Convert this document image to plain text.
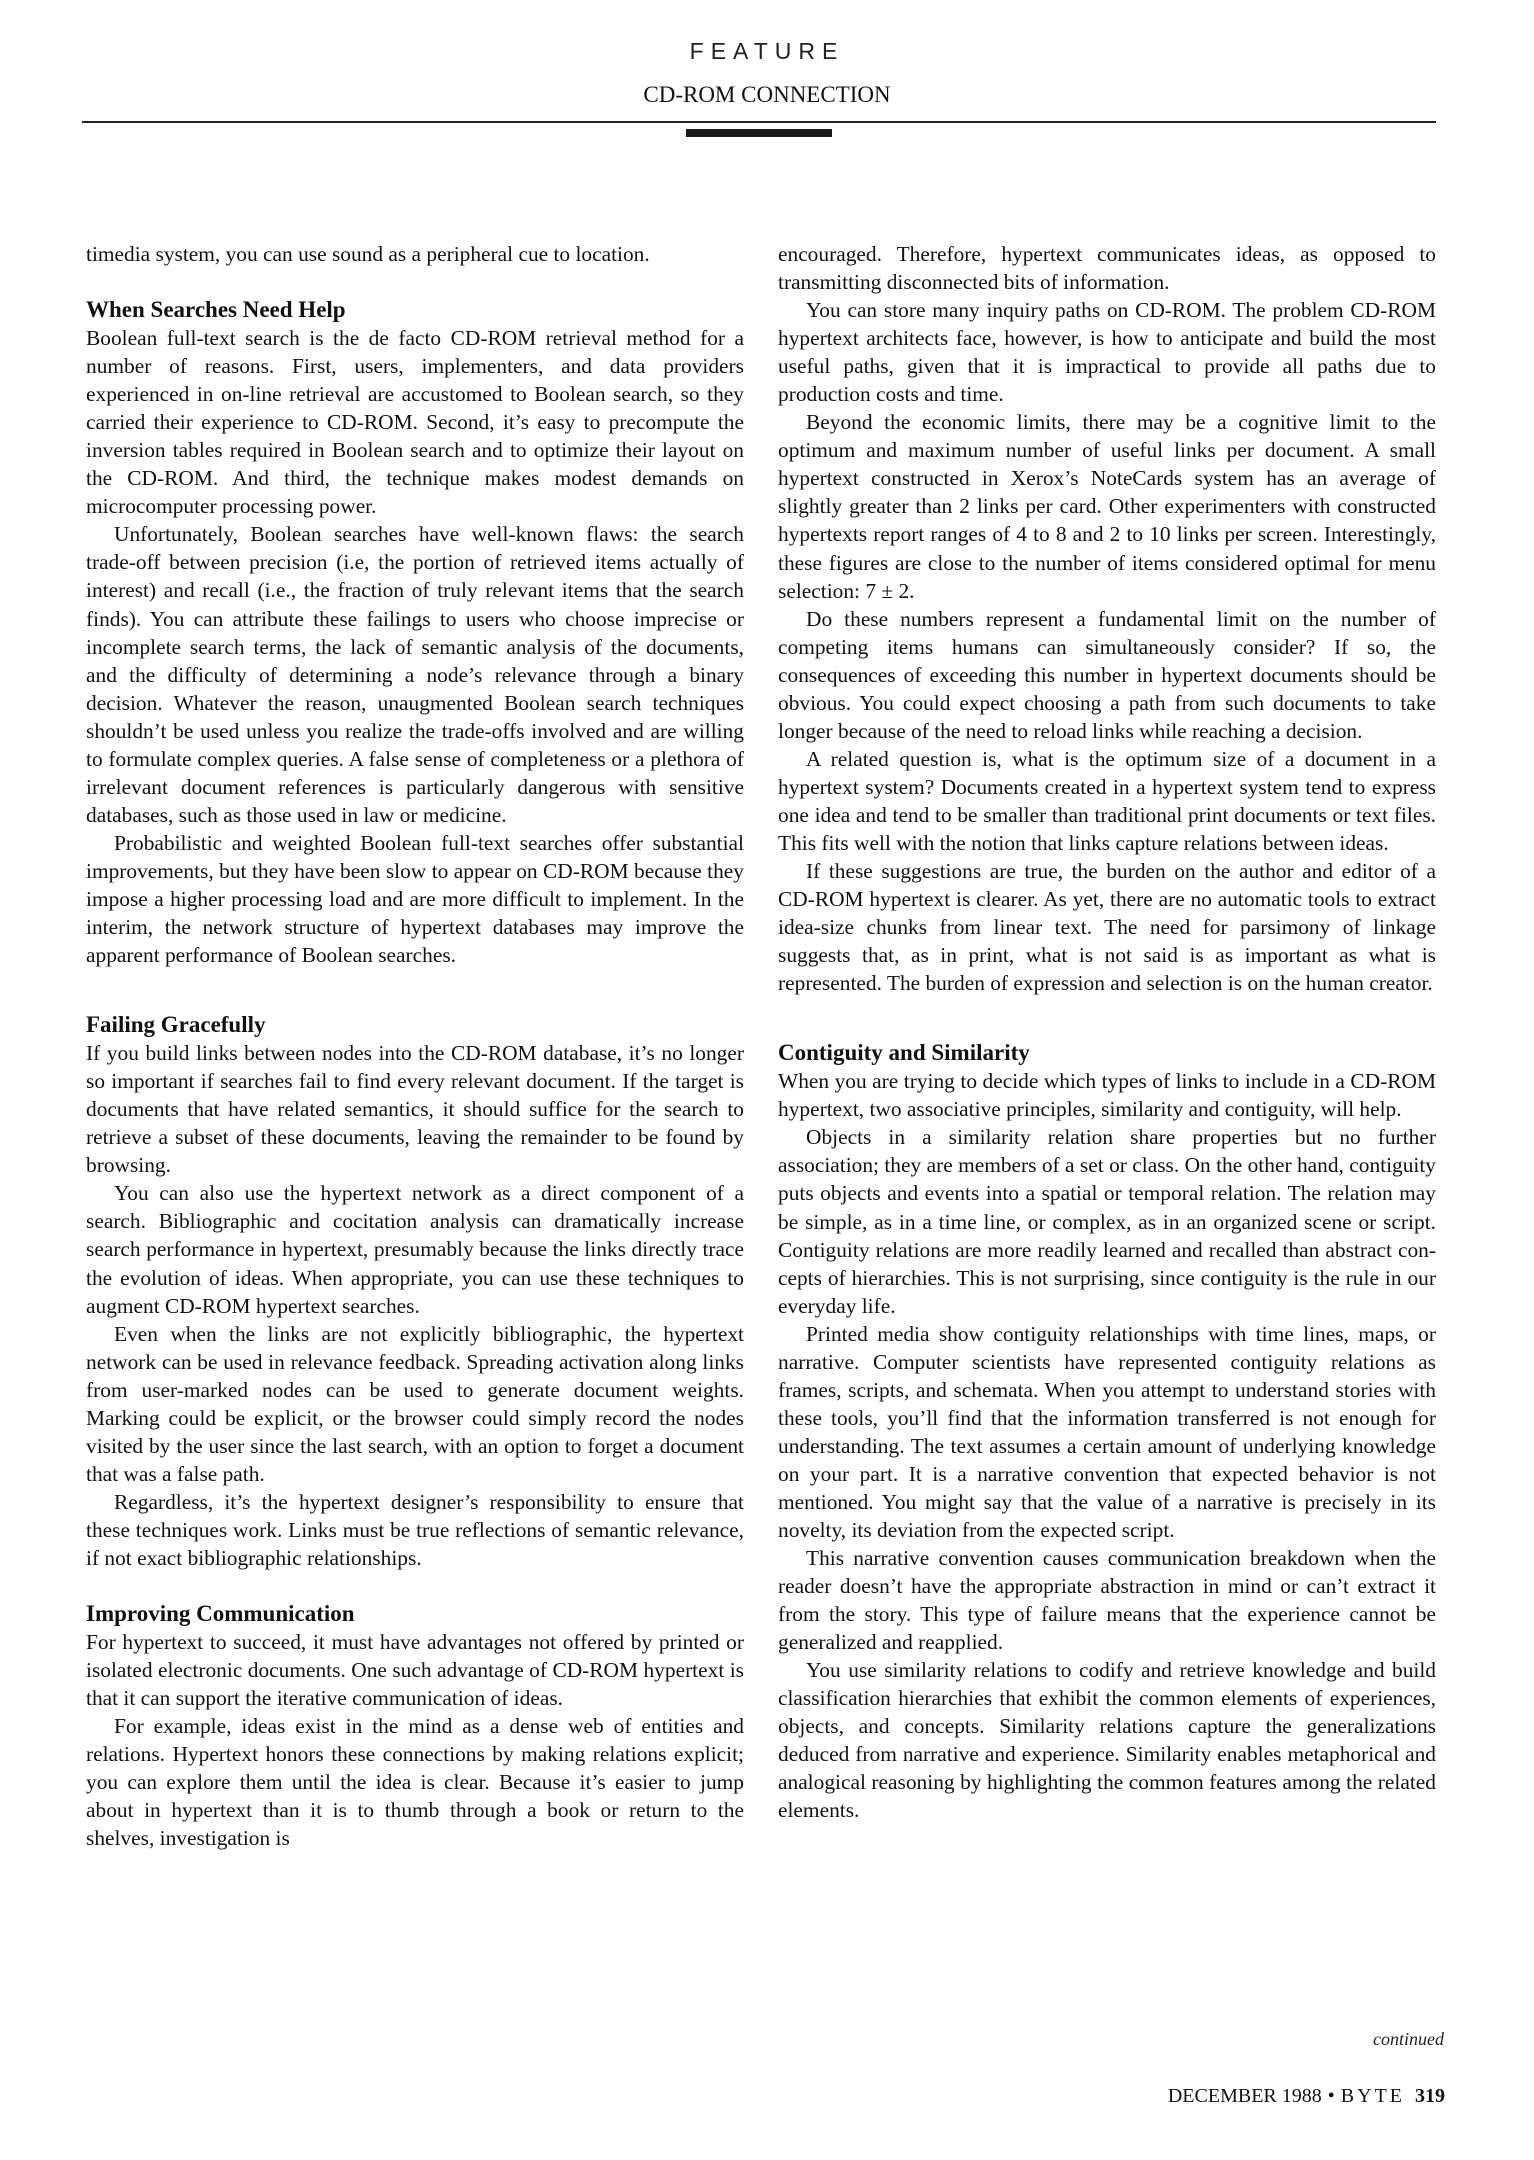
FEATURE
CD-ROM CONNECTION

timedia system, you can use sound as a peripheral cue to location.

When Searches Need Help

Boolean full-text search is the de facto CD-ROM retrieval method for a number of reasons. First, users, implementers, and data providers experienced in on-line retrieval are accustomed to Boolean search, so they carried their experience to CD-ROM. Second, it’s easy to precompute the inversion tables required in Boolean search and to optimize their layout on the CD-ROM. And third, the technique makes modest demands on microcomputer processing power.

Unfortunately, Boolean searches have well-known flaws: the search trade-off between precision (i.e, the portion of retrieved items actually of interest) and recall (i.e., the fraction of truly relevant items that the search finds). You can attribute these failings to users who choose imprecise or incomplete search terms, the lack of semantic analysis of the documents, and the difficulty of determining a node’s relevance through a binary decision. Whatever the reason, unaugmented Boolean search techniques shouldn’t be used unless you realize the trade-offs involved and are willing to formulate complex queries. A false sense of completeness or a plethora of irrelevant document references is particularly dangerous with sensitive databases, such as those used in law or medicine.

Probabilistic and weighted Boolean full-text searches offer substantial improvements, but they have been slow to appear on CD-ROM because they impose a higher processing load and are more difficult to implement. In the interim, the network structure of hypertext databases may improve the apparent performance of Boolean searches.

Failing Gracefully

If you build links between nodes into the CD-ROM database, it’s no longer so important if searches fail to find every relevant document. If the target is documents that have related semantics, it should suffice for the search to retrieve a subset of these documents, leaving the remainder to be found by browsing.

You can also use the hypertext network as a direct component of a search. Bibliographic and cocitation analysis can dramatically increase search performance in hypertext, presumably because the links directly trace the evolution of ideas. When appropriate, you can use these techniques to augment CD-ROM hypertext searches.

Even when the links are not explicitly bibliographic, the hypertext network can be used in relevance feedback. Spreading activation along links from user-marked nodes can be used to generate document weights. Marking could be explicit, or the browser could simply record the nodes visited by the user since the last search, with an option to forget a document that was a false path.

Regardless, it’s the hypertext designer’s responsibility to ensure that these techniques work. Links must be true reflections of semantic relevance, if not exact bibliographic relationships.

Improving Communication

For hypertext to succeed, it must have advantages not offered by printed or isolated electronic documents. One such advantage of CD-ROM hypertext is that it can support the iterative communication of ideas.

For example, ideas exist in the mind as a dense web of entities and relations. Hypertext honors these connections by making relations explicit; you can explore them until the idea is clear. Because it’s easier to jump about in hypertext than it is to thumb through a book or return to the shelves, investigation is

encouraged. Therefore, hypertext communicates ideas, as opposed to transmitting disconnected bits of information.

You can store many inquiry paths on CD-ROM. The problem CD-ROM hypertext architects face, however, is how to anticipate and build the most useful paths, given that it is impractical to provide all paths due to production costs and time.

Beyond the economic limits, there may be a cognitive limit to the optimum and maximum number of useful links per document. A small hypertext constructed in Xerox’s NoteCards system has an average of slightly greater than 2 links per card. Other experimenters with constructed hypertexts report ranges of 4 to 8 and 2 to 10 links per screen. Interestingly, these figures are close to the number of items considered optimal for menu selection: 7 ± 2.

Do these numbers represent a fundamental limit on the number of competing items humans can simultaneously consider? If so, the consequences of exceeding this number in hypertext documents should be obvious. You could expect choosing a path from such documents to take longer because of the need to reload links while reaching a decision.

A related question is, what is the optimum size of a document in a hypertext system? Documents created in a hypertext system tend to express one idea and tend to be smaller than traditional print documents or text files. This fits well with the notion that links capture relations between ideas.

If these suggestions are true, the burden on the author and editor of a CD-ROM hypertext is clearer. As yet, there are no automatic tools to extract idea-size chunks from linear text. The need for parsimony of linkage suggests that, as in print, what is not said is as important as what is represented. The burden of expression and selection is on the human creator.

Contiguity and Similarity

When you are trying to decide which types of links to include in a CD-ROM hypertext, two associative principles, similarity and contiguity, will help.

Objects in a similarity relation share properties but no further association; they are members of a set or class. On the other hand, contiguity puts objects and events into a spatial or temporal relation. The relation may be simple, as in a time line, or complex, as in an organized scene or script. Contiguity relations are more readily learned and recalled than abstract concepts of hierarchies. This is not surprising, since contiguity is the rule in our everyday life.

Printed media show contiguity relationships with time lines, maps, or narrative. Computer scientists have represented contiguity relations as frames, scripts, and schemata. When you attempt to understand stories with these tools, you’ll find that the information transferred is not enough for understanding. The text assumes a certain amount of underlying knowledge on your part. It is a narrative convention that expected behavior is not mentioned. You might say that the value of a narrative is precisely in its novelty, its deviation from the expected script.

This narrative convention causes communication breakdown when the reader doesn’t have the appropriate abstraction in mind or can’t extract it from the story. This type of failure means that the experience cannot be generalized and reapplied.

You use similarity relations to codify and retrieve knowledge and build classification hierarchies that exhibit the common elements of experiences, objects, and concepts. Similarity relations capture the generalizations deduced from narrative and experience. Similarity enables metaphorical and analogical reasoning by highlighting the common features among the related elements.

continued
DECEMBER 1988 • BYTE 319
